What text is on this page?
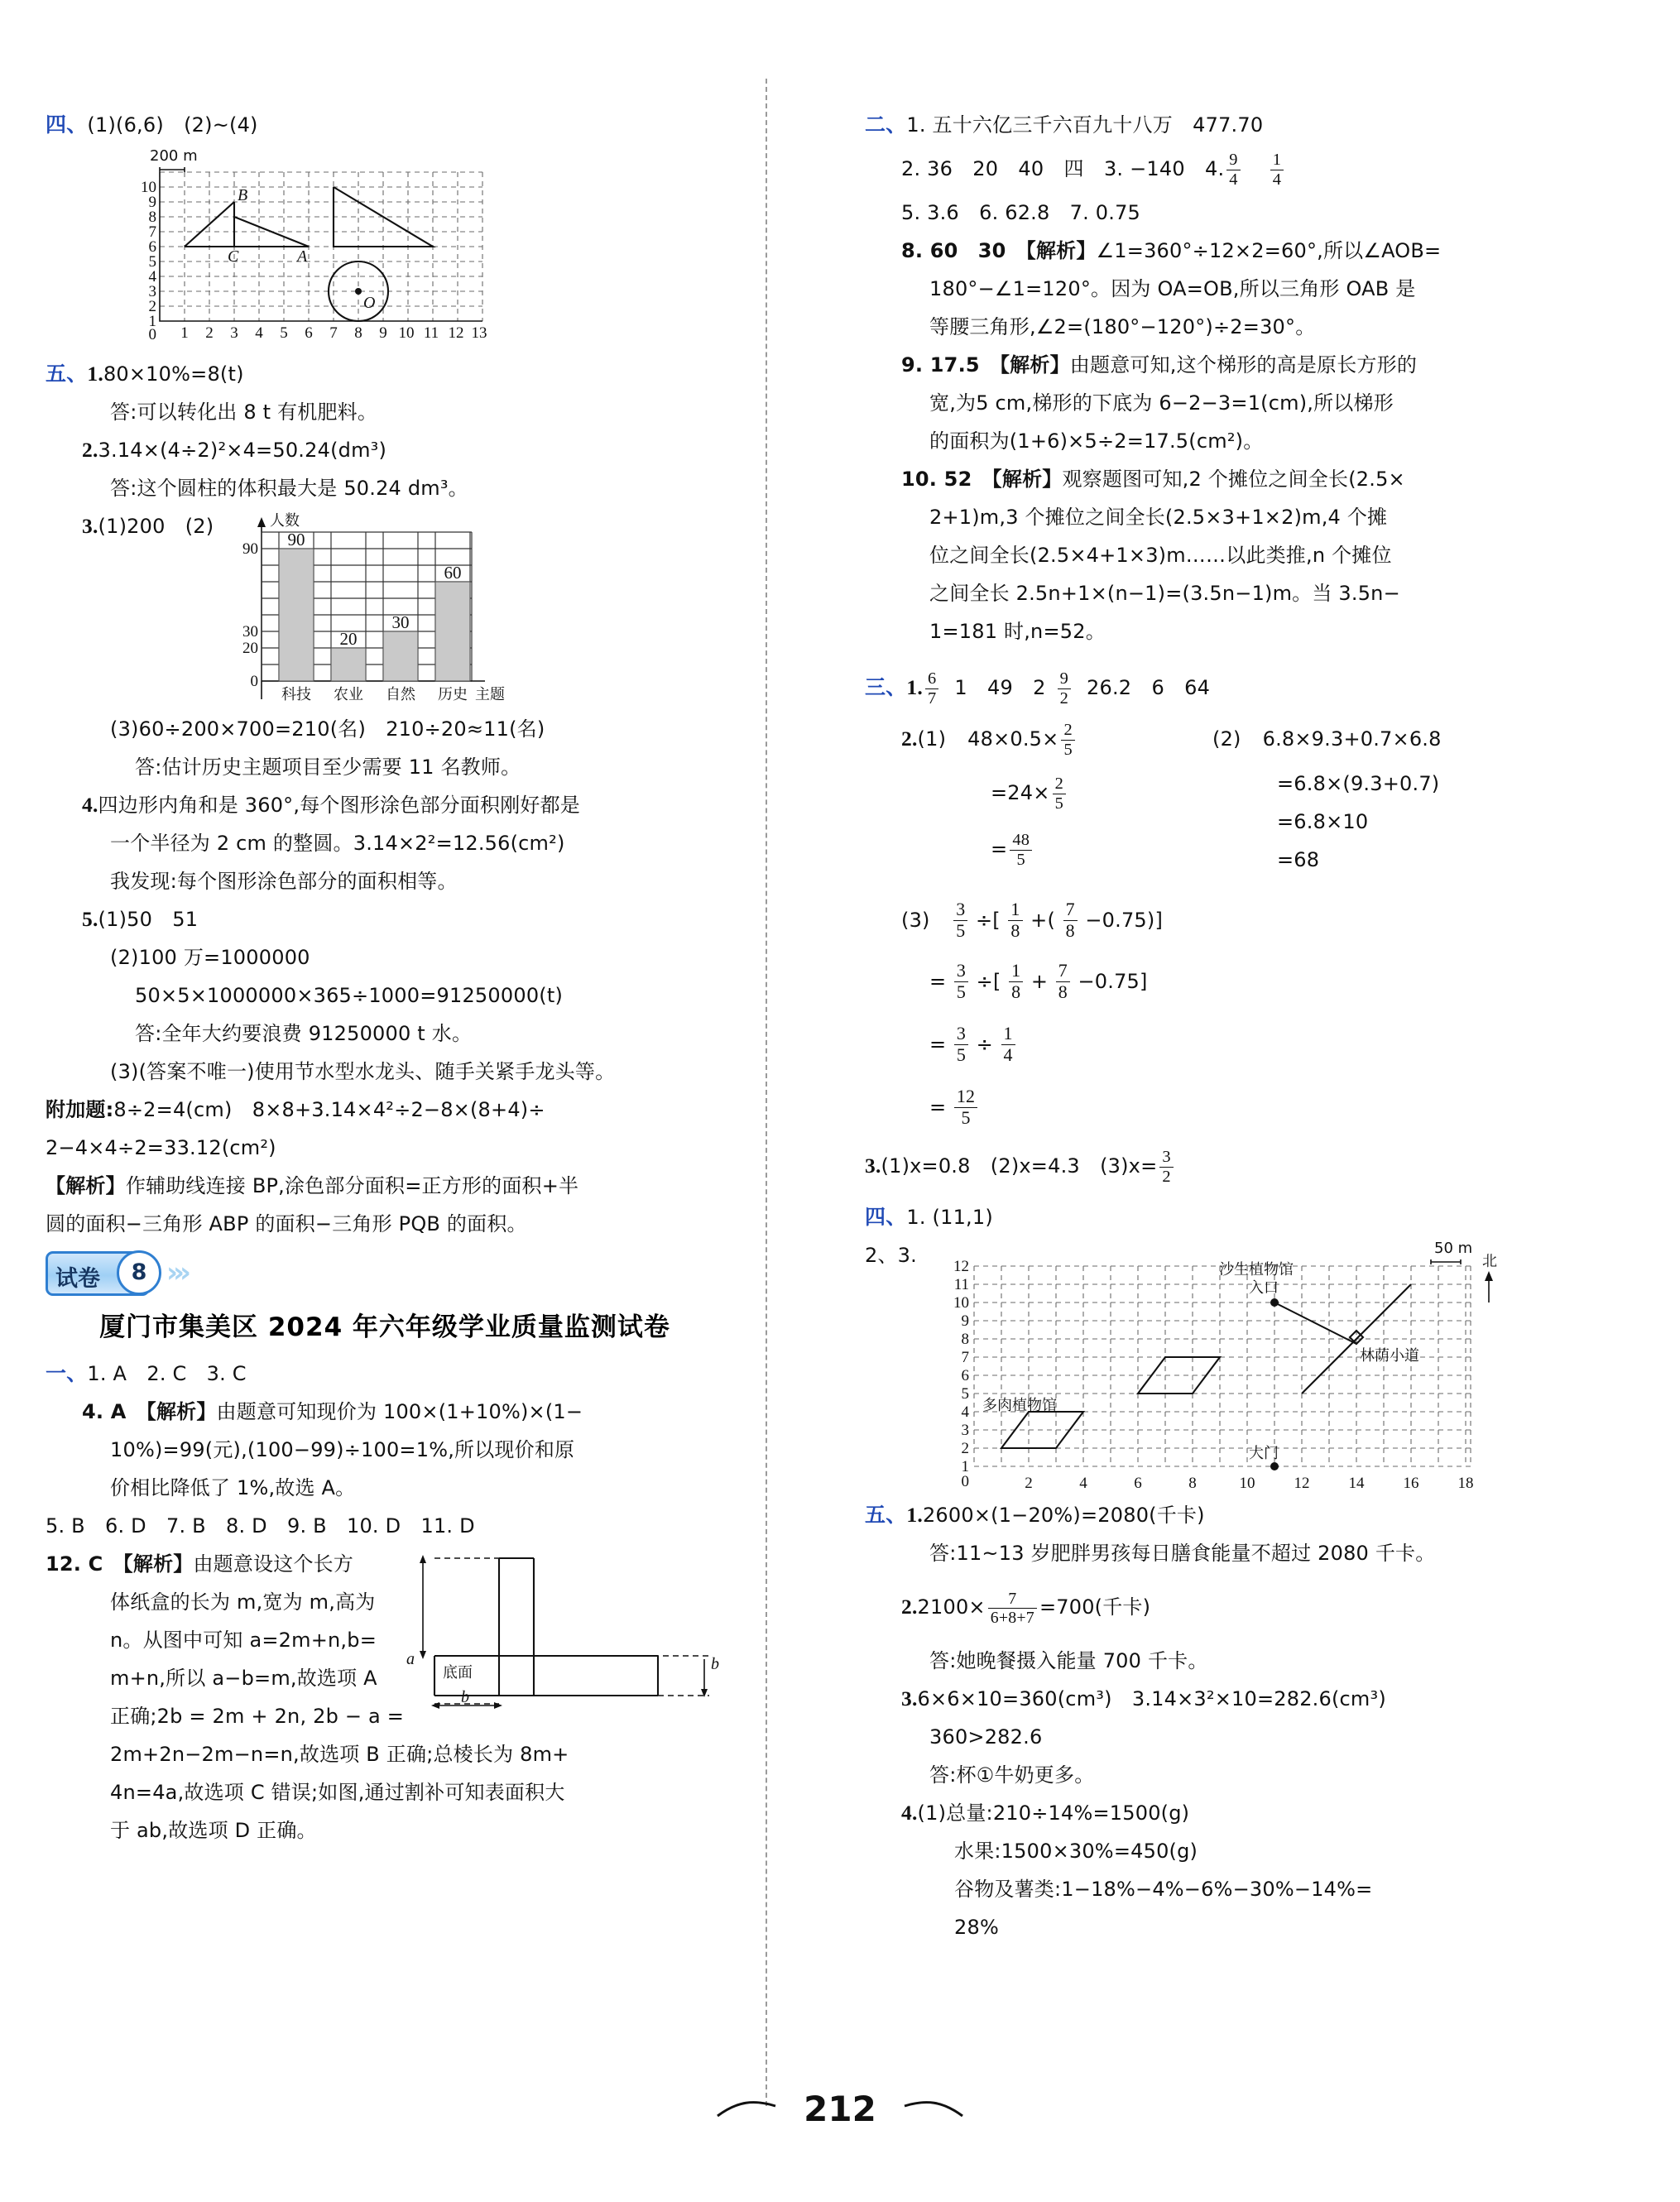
四、(1)(6,6)　(2)~(4)
200 m
10
9
8
7
6
5
4
3
2
1
0 1 2 3 4 5 6 7 8 9 10 11 12 13
B
C	A
O
五、1.80×10%=8(t)
答:可以转化出 8 t 有机肥料。
2.3.14×(4÷2)²×4=50.24(dm³)
答:这个圆柱的体积最大是 50.24 dm³。
3.(1)200　(2)	人数
90
20
30
60
90
30
20
0
科技 农业 自然 历史 主题
(3)60÷200×700=210(名)　210÷20≈11(名)
答:估计历史主题项目至少需要 11 名教师。
4.四边形内角和是 360°,每个图形涂色部分面积刚好都是
一个半径为 2 cm 的整圆。3.14×2²=12.56(cm²)
我发现:每个图形涂色部分的面积相等。
5.(1)50　51
(2)100 万=1000000
50×5×1000000×365÷1000=91250000(t)
答:全年大约要浪费 91250000 t 水。
(3)(答案不唯一)使用节水型水龙头、随手关紧手龙头等。
附加题:8÷2=4(cm)　8×8+3.14×4²÷2−8×(8+4)÷
2−4×4÷2=33.12(cm²)
【解析】作辅助线连接 BP,涂色部分面积=正方形的面积+半
圆的面积−三角形 ABP 的面积−三角形 PQB 的面积。
试卷	8 ›››
厦门市集美区 2024 年六年级学业质量监测试卷
一、1. A　2. C　3. C
4. A　【解析】由题意可知现价为 100×(1+10%)×(1−
10%)=99(元),(100−99)÷100=1%,所以现价和原
价相比降低了 1%,故选 A。
5. B　6. D　7. B　8. D　9. B　10. D　11. D
a	b
b
底面
12. C　【解析】由题意设这个长方
体纸盒的长为 m,宽为 m,高为
n。从图中可知 a=2m+n,b=
m+n,所以 a−b=m,故选项 A
正确;2b = 2m + 2n, 2b − a =
2m+2n−2m−n=n,故选项 B 正确;总棱长为 8m+
4n=4a,故选项 C 错误;如图,通过割补可知表面积大
于 ab,故选项 D 正确。
二、1. 五十六亿三千六百九十八万　477.70
2. 36　20　40　四　3. −140　4. $\frac{9}{4} \frac{1}{4}$
5. 3.6　6. 62.8　7. 0.75
8. 60　30　【解析】∠1=360°÷12×2=60°,所以∠AOB=
180°−∠1=120°。因为 OA=OB,所以三角形 OAB 是
等腰三角形,∠2=(180°−120°)÷2=30°。
9. 17.5　【解析】由题意可知,这个梯形的高是原长方形的
宽,为5 cm,梯形的下底为 6−2−3=1(cm),所以梯形
的面积为(1+6)×5÷2=17.5(cm²)。
10. 52　【解析】观察题图可知,2 个摊位之间全长(2.5×
2+1)m,3 个摊位之间全长(2.5×3+1×2)m,4 个摊
位之间全长(2.5×4+1×3)m……以此类推,n 个摊位
之间全长 2.5n+1×(n−1)=(3.5n−1)m。当 3.5n−
1=181 时,n=52。
三、1. $\frac{6}{7} 1$　49　$2 \frac{9}{2} 26.2$　6　64
2.(1) $48\times 0.5\times \frac{2}{5}$
$=24\times \frac{2}{5}$
= $\frac{48}{5}$
(2) 6.8×9.3+0.7×6.8
=6.8×(9.3+0.7)
=6.8×10
=68
$(3) \frac{3}{5}$ ÷[ $\frac{1}{8}$ +( $\frac{7}{8} -0.75$)]
= $\frac{3}{5}$ ÷[ $\frac{1}{8} + \frac{7}{8} -0.75$]
= $\frac{3}{5} \div \frac{1}{4}$
= $\frac{12}{5}$
3.(1)x=0.8　(2)x=4.3　$(3)x= \frac{3}{2}$
四、1. (11,1)
2、3.	50 m
北
12
11
10
9
8
7
6
5
4
3
2
1
0	2	4	6	8	10 12 14 16 18
沙生植物馆
入口
林荫小道
多肉植物馆
大门
五、1.2600×(1−20%)=2080(千卡)
答:11~13 岁肥胖男孩每日膳食能量不超过 2080 千卡。
$2.2100\times \frac{7}{6+8+7} =700$(千卡)
答:她晚餐摄入能量 700 千卡。
3.6×6×10=360(cm³)　3.14×3²×10=282.6(cm³)
360>282.6
答:杯①牛奶更多。
4.(1)总量:210÷14%=1500(g)
水果:1500×30%=450(g)
谷物及薯类:1−18%−4%−6%−30%−14%=
28%
212
